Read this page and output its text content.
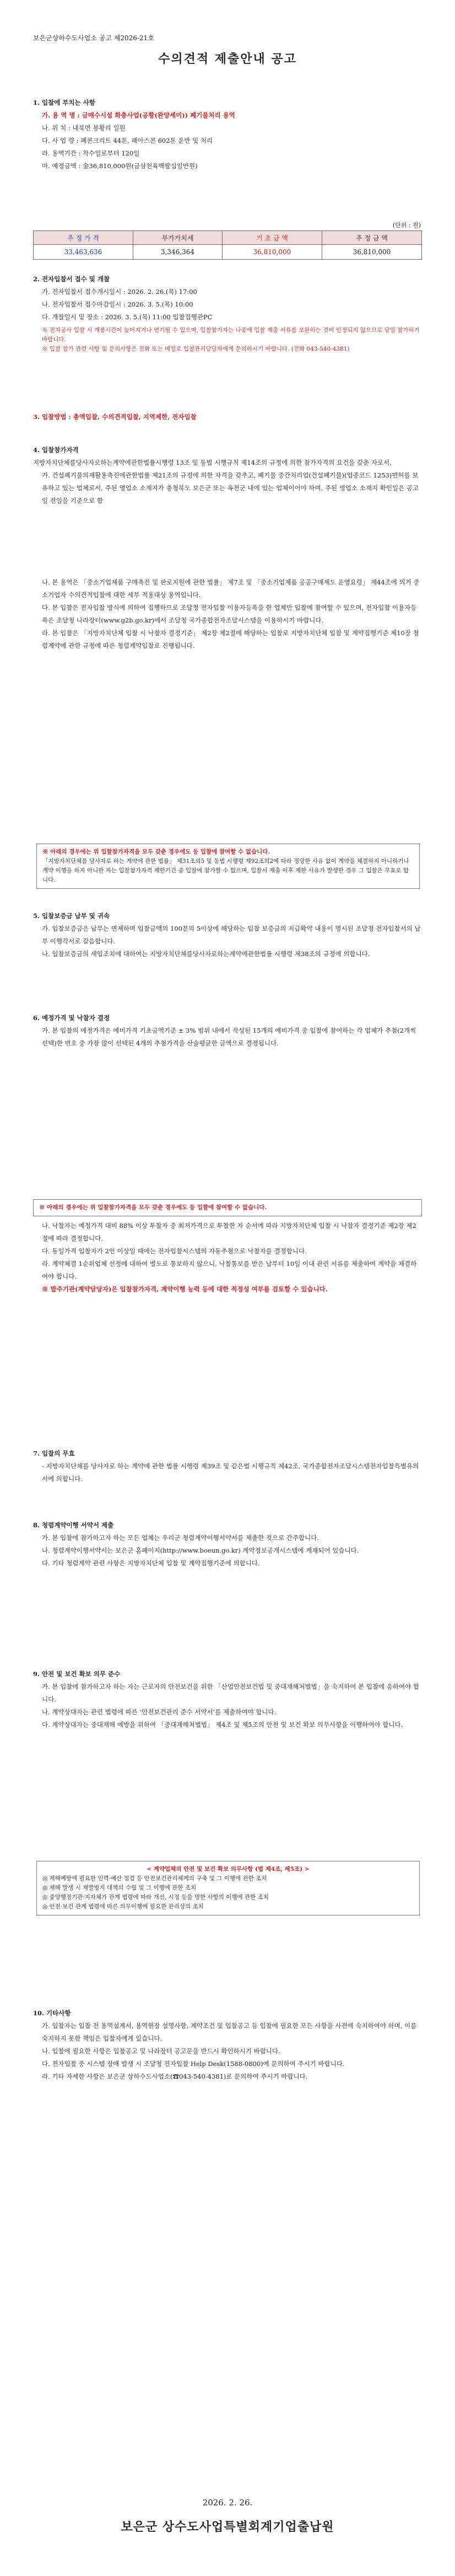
보은군상하수도사업소 공고 제2026-21호
수의견적 제출안내 공고
1. 입찰에 부치는 사항
가. 용 역 명 : 금매수시설 화충사업(공황(완양세미)) 폐기물처리 용역
나. 위 치 : 내북면 봉황리 일원
다. 사 업 량 : 폐콘크리트 44톤, 폐아스콘 602톤 운반 및 처리
라. 용역기간 : 착수일로부터 120일
마. 예정금액 : 金36,810,000원(금삼천육백팔십일만원)
(단위 : 원)
추 정 가 격	부가가치세	기 초 금 액	추 정 금 액
33,463,636	3,346,364	36,810,000	36,810,000
2. 전자입찰서 접수 및 개찰
가. 전자입찰서 접수개시일시 : 2026. 2. 26.(목) 17:00
나. 전자입찰서 접수마감일시 : 2026. 3. 5.(목) 10:00
다. 개찰일시 및 장소 : 2026. 3. 5.(목) 11:00 입찰집행관PC
※ 전자공사 입찰 시 개봉시간이 늦어지거나 연기될 수 있으며, 입찰참가자는 나중에 입찰 제출 서류를 보완하는 것이 인정되지 않으므로 당일 참가하기 바랍니다.
※ 입찰 참가 관련 사항 및 문의사항은 전화 또는 메일로 입찰관리담당자에게 문의하시기 바랍니다. (전화 043-540-4381)
3. 입찰방법 : 총액입찰, 수의견적입찰, 지역제한, 전자입찰
4. 입찰참가자격
지방자치단체를당사자로하는계약에관한법률시행령 13조 및 동법 시행규칙 제14조의 규정에 의한 참가자격의 요건을 갖춘 자로서,
가. 건설폐기물의재활용촉진에관한법률 제21조의 규정에 의한 자격을 갖추고, 폐기물 중간처리업(건설폐기물)(업종코드 1253)면허를 보유하고 있는 업체로서, 주된 영업소 소재지가 충청북도 보은군 또는 옥천군 내에 있는 업체이어야 하며, 주된 영업소 소재지 확인일은 공고일 전일을 기준으로 함
나. 본 용역은 「중소기업제품 구매촉진 및 판로지원에 관한 법률」 제7조 및 「중소기업제품 공공구매제도 운영요령」 제44조에 의거 중소기업자 수의견적입찰에 대한 세부 적용대상 용역입니다.
다. 본 입찰은 전자입찰 방식에 의하여 집행하므로 조달청 전자입찰 이용자등록을 한 업체만 입찰에 참여할 수 있으며, 전자입찰 이용자등록은 조달청 나라장터(www.g2b.go.kr)에서 조달청 국가종합전자조달시스템을 이용하시기 바랍니다.
라. 본 입찰은 「지방자치단체 입찰 시 낙찰자 결정기준」 제2장 제2절에 해당하는 입찰로 지방자치단체 입찰 및 계약집행기준 제10장 청렴계약에 관한 규정에 따른 청렴계약입찰로 진행됩니다.
※ 아래의 경우에는 위 입찰참가자격을 모두 갖춘 경우에도 등 입찰에 참여할 수 없습니다.
「지방자치단체를 당사자로 하는 계약에 관한 법률」 제31조의5 및 동법 시행령 제92조의2에 따라 정당한 사유 없이 계약을 체결하지 아니하거나 계약 이행을 하지 아니한 자는 입찰참가자격 제한기간 중 입찰에 참가할 수 없으며, 입찰서 제출 이후 제한 사유가 발생한 경우 그 입찰은 무효로 합니다.
5. 입찰보증금 납부 및 귀속
가. 입찰보증금은 납부는 면제하며 입찰금액의 100분의 5이상에 해당하는 입찰 보증금의 지급확약 내용이 명시된 조달청 전자입찰서의 납부 이행각서로 갈음합니다.
나. 입찰보증금의 세입조치에 대하여는 지방자치단체를당사자로하는계약에관한법률 시행령 제38조의 규정에 의합니다.
6. 예정가격 및 낙찰자 결정
가. 본 입찰의 예정가격은 예비가격 기초금액기준 ± 3% 범위 내에서 작성된 15개의 예비가격 중 입찰에 참여하는 각 업체가 추첨(2개씩 선택)한 번호 중 가장 많이 선택된 4개의 추첨가격을 산술평균한 금액으로 결정됩니다.
※ 아래의 경우에는 위 입찰참가자격을 모두 갖춘 경우에도 등 입찰에 참여할 수 없습니다.
나. 낙찰자는 예정가격 대비 88% 이상 투찰자 중 최저가격으로 투찰한 자 순서에 따라 지방자치단체 입찰 시 낙찰자 결정기준 제2장 제2절에 따라 결정합니다.
다. 동일가격 입찰자가 2인 이상일 때에는 전자입찰시스템의 자동추첨으로 낙찰자를 결정합니다.
라. 계약체결 1순위업체 선정에 대하여 별도로 통보하지 않으니, 낙찰통보를 받은 날부터 10일 이내 관련 서류를 제출하여 계약을 체결하여야 합니다.
※ 발주기관(계약담당자)은 입찰참가자격, 계약이행 능력 등에 대한 적정성 여부를 검토할 수 있습니다.
7. 입찰의 무효
- 지방자치단체를 당사자로 하는 계약에 관한 법률 시행령 제39조 및 같은법 시행규칙 제42조, 국가종합전자조달시스템전자입찰특별유의서에 의합니다.
8. 청렴계약이행 서약서 제출
가. 본 입찰에 참가하고자 하는 모든 업체는 우리군 청렴계약이행서약서를 제출한 것으로 간주합니다.
나. 청렴계약이행서약서는 보은군 홈페이지(http://www.boeun.go.kr) 계약정보공개시스템에 게재되어 있습니다.
다. 기타 청렴계약 관련 사항은 지방자치단체 입찰 및 계약집행기준에 의합니다.
9. 안전 및 보건 확보 의무 준수
가. 본 입찰에 참가하고자 하는 자는 근로자의 안전보건을 위한 「산업안전보건법 및 중대재해처벌법」을 숙지하여 본 입찰에 응하여야 합니다.
나. 계약상대자는 관련 법령에 따른 ‘안전보건관리 준수 서약서’를 제출하여야 합니다.
다. 계약상대자는 중대재해 예방을 위하여 「중대재해처벌법」 제4조 및 제5조의 안전 및 보건 확보 의무사항을 이행하여야 합니다.
< 계약업체의 안전 및 보건 확보 의무사항 (법 제4조, 제5조) >
◎ 재해예방에 필요한 인력·예산 점검 등 안전보건관리체계의 구축 및 그 이행에 관한 조치
◎ 재해 발생 시 재발방지 대책의 수립 및 그 이행에 관한 조치
◎ 중앙행정기관·지자체가 관계 법령에 따라 개선, 시정 등을 명한 사항의 이행에 관한 조치
◎ 안전·보건 관계 법령에 따른 의무이행에 필요한 관리상의 조치
10. 기타사항
가. 입찰자는 입찰 전 용역설계서, 용역현장 설명사항, 계약조건 및 입찰공고 등 입찰에 필요한 모든 사항을 사전에 숙지하여야 하며, 이를 숙지하지 못한 책임은 입찰자에게 있습니다.
나. 입찰에 필요한 사항은 입찰공고 및 나라장터 공고문을 반드시 확인하시기 바랍니다.
다. 전자입찰 중 시스템 장애 발생 시 조달청 전자입찰 Help Desk(1588-0800)에 문의하여 주시기 바랍니다.
라. 기타 자세한 사항은 보은군 상하수도사업소(☎043-540-4381)로 문의하여 주시기 바랍니다.
2026. 2. 26.
보은군 상수도사업특별회계기업출납원
